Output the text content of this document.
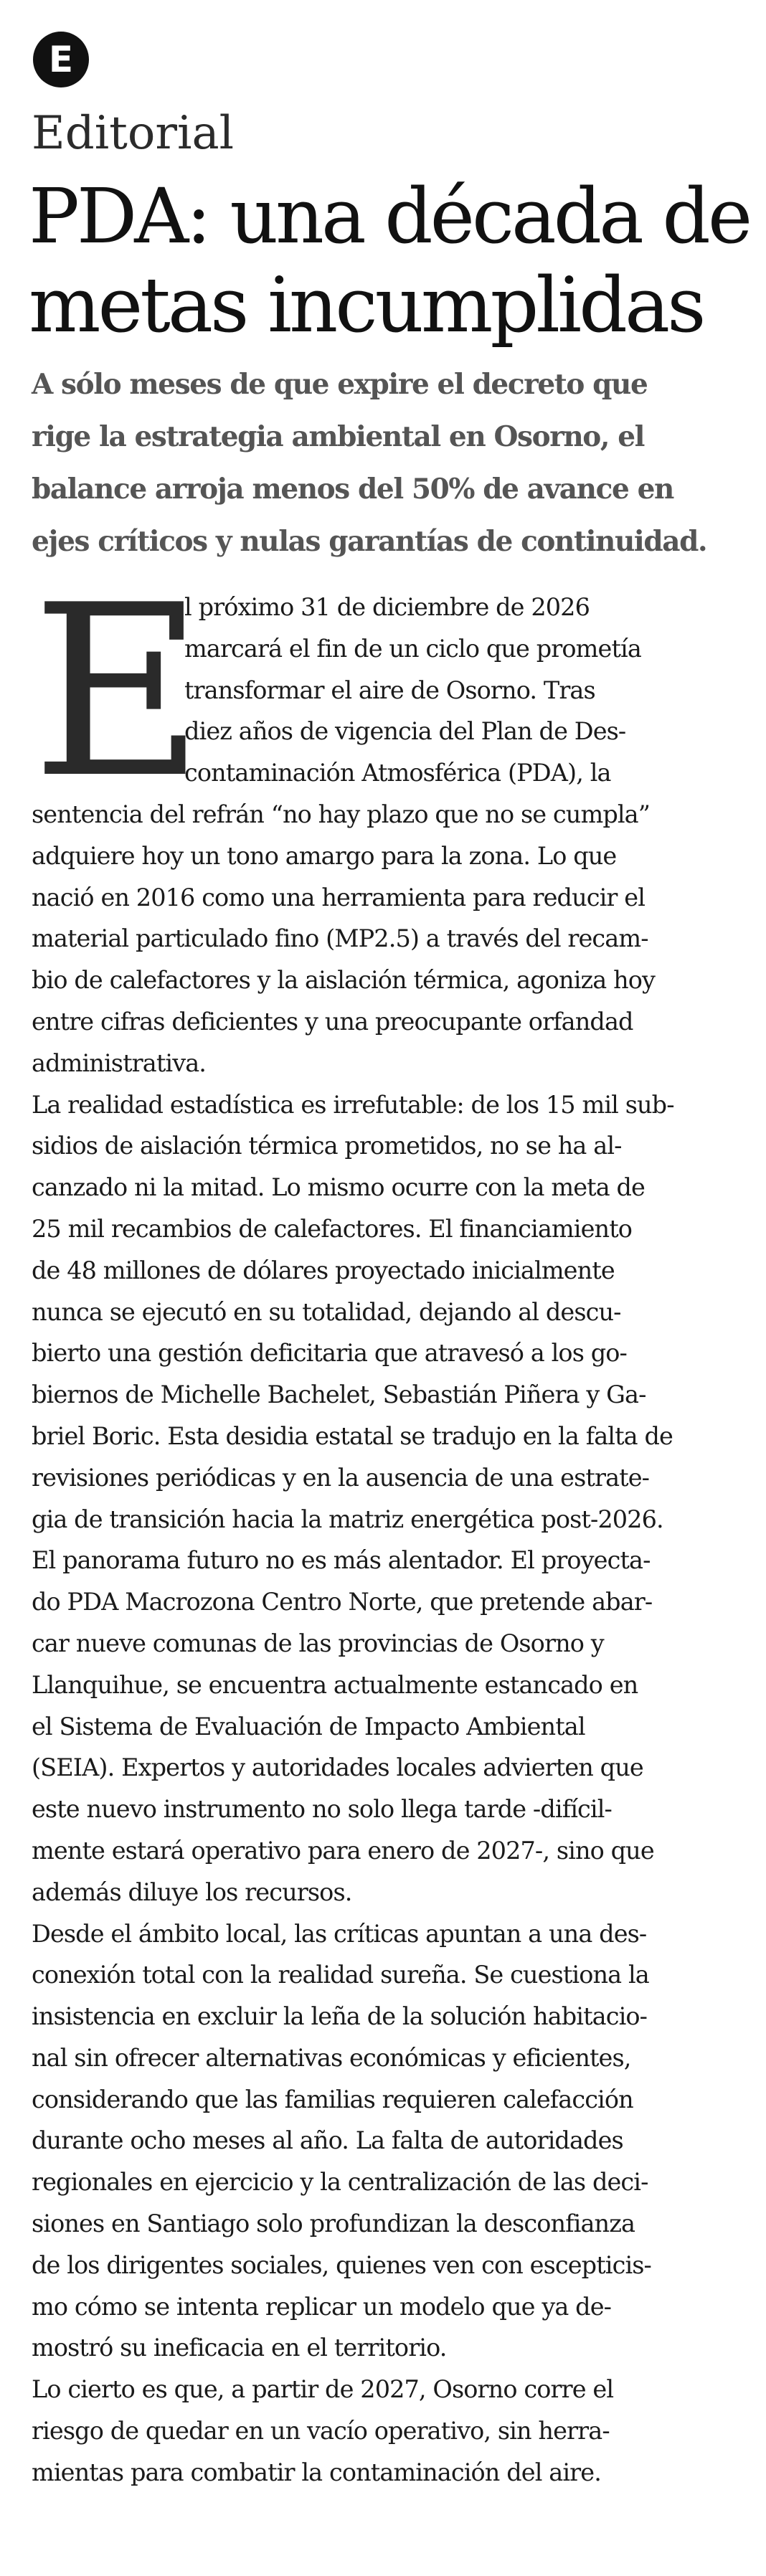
E
Editorial
PDA: una década de
metas incumplidas
A sólo meses de que expire el decreto que
rige la estrategia ambiental en Osorno, el
balance arroja menos del 50% de avance en
ejes críticos y nulas garantías de continuidad.
E
l próximo 31 de diciembre de 2026
marcará el fin de un ciclo que prometía
transformar el aire de Osorno. Tras
diez años de vigencia del Plan de Des-
contaminación Atmosférica (PDA), la
sentencia del refrán “no hay plazo que no se cumpla”
adquiere hoy un tono amargo para la zona. Lo que
nació en 2016 como una herramienta para reducir el
material particulado fino (MP2.5) a través del recam-
bio de calefactores y la aislación térmica, agoniza hoy
entre cifras deficientes y una preocupante orfandad
administrativa.
La realidad estadística es irrefutable: de los 15 mil sub-
sidios de aislación térmica prometidos, no se ha al-
canzado ni la mitad. Lo mismo ocurre con la meta de
25 mil recambios de calefactores. El financiamiento
de 48 millones de dólares proyectado inicialmente
nunca se ejecutó en su totalidad, dejando al descu-
bierto una gestión deficitaria que atravesó a los go-
biernos de Michelle Bachelet, Sebastián Piñera y Ga-
briel Boric. Esta desidia estatal se tradujo en la falta de
revisiones periódicas y en la ausencia de una estrate-
gia de transición hacia la matriz energética post-2026.
El panorama futuro no es más alentador. El proyecta-
do PDA Macrozona Centro Norte, que pretende abar-
car nueve comunas de las provincias de Osorno y
Llanquihue, se encuentra actualmente estancado en
el Sistema de Evaluación de Impacto Ambiental
(SEIA). Expertos y autoridades locales advierten que
este nuevo instrumento no solo llega tarde -difícil-
mente estará operativo para enero de 2027-, sino que
además diluye los recursos.
Desde el ámbito local, las críticas apuntan a una des-
conexión total con la realidad sureña. Se cuestiona la
insistencia en excluir la leña de la solución habitacio-
nal sin ofrecer alternativas económicas y eficientes,
considerando que las familias requieren calefacción
durante ocho meses al año. La falta de autoridades
regionales en ejercicio y la centralización de las deci-
siones en Santiago solo profundizan la desconfianza
de los dirigentes sociales, quienes ven con escepticis-
mo cómo se intenta replicar un modelo que ya de-
mostró su ineficacia en el territorio.
Lo cierto es que, a partir de 2027, Osorno corre el
riesgo de quedar en un vacío operativo, sin herra-
mientas para combatir la contaminación del aire.
